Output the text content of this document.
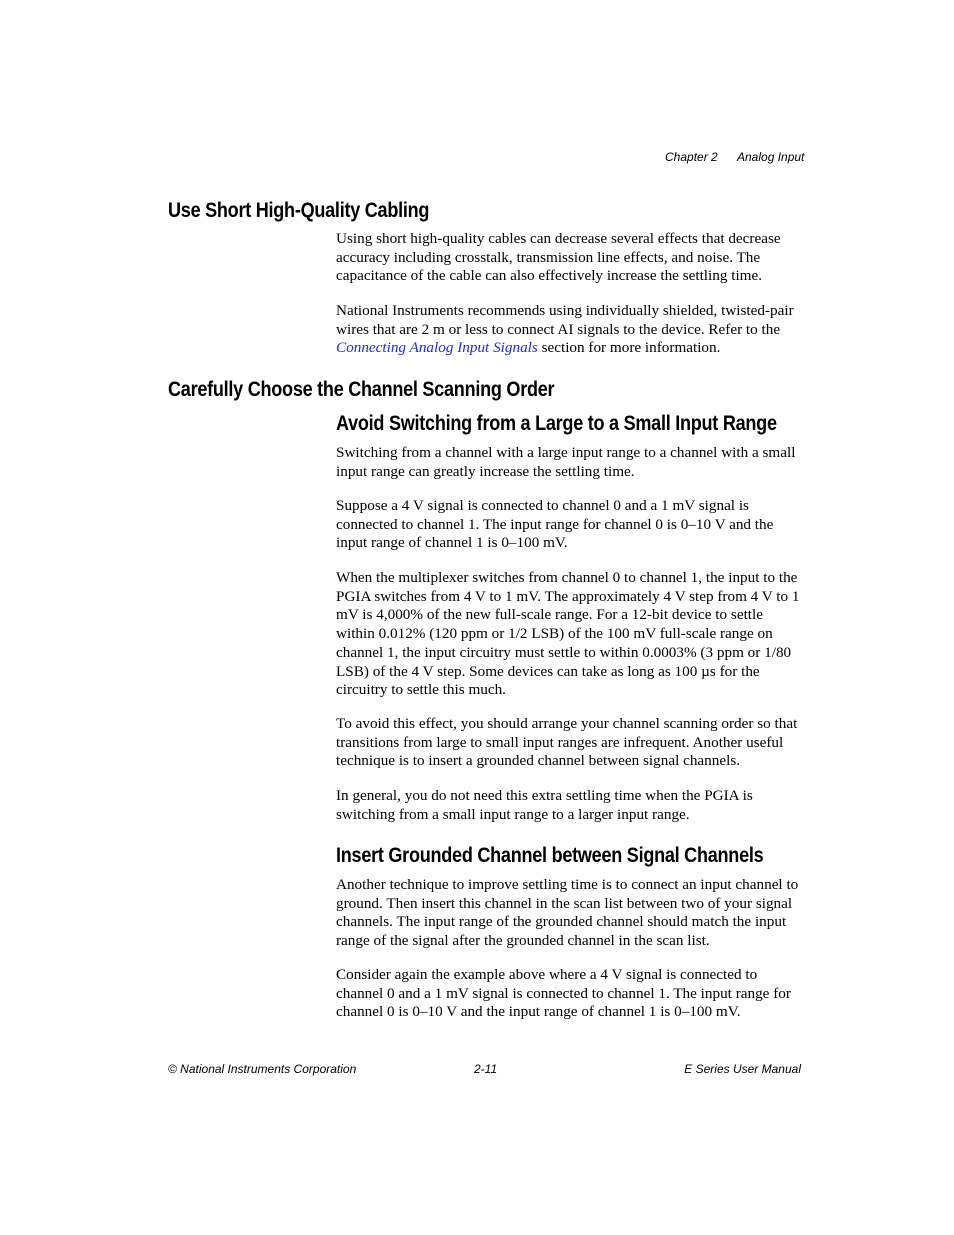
Chapter 2 Analog Input
Use Short High-Quality Cabling

Using short high-quality cables can decrease several effects that decrease accuracy including crosstalk, transmission line effects, and noise. The capacitance of the cable can also effectively increase the settling time.

National Instruments recommends using individually shielded, twisted-pair wires that are 2 m or less to connect AI signals to the device. Refer to the Connecting Analog Input Signals section for more information.

Carefully Choose the Channel Scanning Order
Avoid Switching from a Large to a Small Input Range

Switching from a channel with a large input range to a channel with a small input range can greatly increase the settling time.

Suppose a 4 V signal is connected to channel 0 and a 1 mV signal is connected to channel 1. The input range for channel 0 is 0–10 V and the input range of channel 1 is 0–100 mV.

When the multiplexer switches from channel 0 to channel 1, the input to the PGIA switches from 4 V to 1 mV. The approximately 4 V step from 4 V to 1 mV is 4,000% of the new full-scale range. For a 12-bit device to settle within 0.012% (120 ppm or 1/2 LSB) of the 100 mV full-scale range on channel 1, the input circuitry must settle to within 0.0003% (3 ppm or 1/80 LSB) of the 4 V step. Some devices can take as long as 100 µs for the circuitry to settle this much.

To avoid this effect, you should arrange your channel scanning order so that transitions from large to small input ranges are infrequent. Another useful technique is to insert a grounded channel between signal channels.

In general, you do not need this extra settling time when the PGIA is switching from a small input range to a larger input range.

Insert Grounded Channel between Signal Channels

Another technique to improve settling time is to connect an input channel to ground. Then insert this channel in the scan list between two of your signal channels. The input range of the grounded channel should match the input range of the signal after the grounded channel in the scan list.

Consider again the example above where a 4 V signal is connected to channel 0 and a 1 mV signal is connected to channel 1. The input range for channel 0 is 0–10 V and the input range of channel 1 is 0–100 mV.

© National Instruments Corporation	2-11	E Series User Manual
